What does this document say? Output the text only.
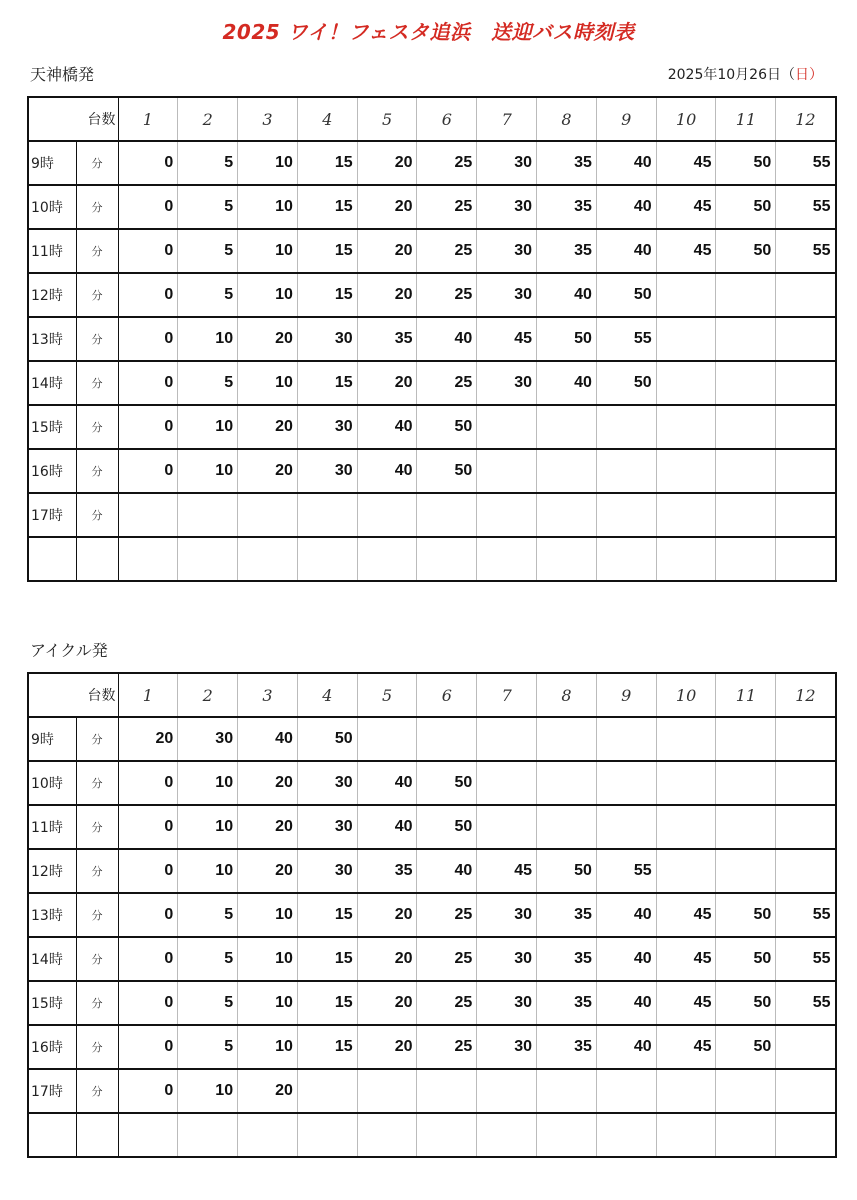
2025 ワイ！フェスタ追浜　送迎バス時刻表
天神橋発	2025年10月26日（日）
	台数	1	2	3	4	5	6	7	8	9	10	11	12
9時	分	0	5	10	15	20	25	30	35	40	45	50	55
10時	分	0	5	10	15	20	25	30	35	40	45	50	55
11時	分	0	5	10	15	20	25	30	35	40	45	50	55
12時	分	0	5	10	15	20	25	30	40	50			
13時	分	0	10	20	30	35	40	45	50	55			
14時	分	0	5	10	15	20	25	30	40	50			
15時	分	0	10	20	30	40	50						
16時	分	0	10	20	30	40	50						
17時	分												

アイクル発
	台数	1	2	3	4	5	6	7	8	9	10	11	12
9時	分	20	30	40	50								
10時	分	0	10	20	30	40	50						
11時	分	0	10	20	30	40	50						
12時	分	0	10	20	30	35	40	45	50	55			
13時	分	0	5	10	15	20	25	30	35	40	45	50	55
14時	分	0	5	10	15	20	25	30	35	40	45	50	55
15時	分	0	5	10	15	20	25	30	35	40	45	50	55
16時	分	0	5	10	15	20	25	30	35	40	45	50	
17時	分	0	10	20									
